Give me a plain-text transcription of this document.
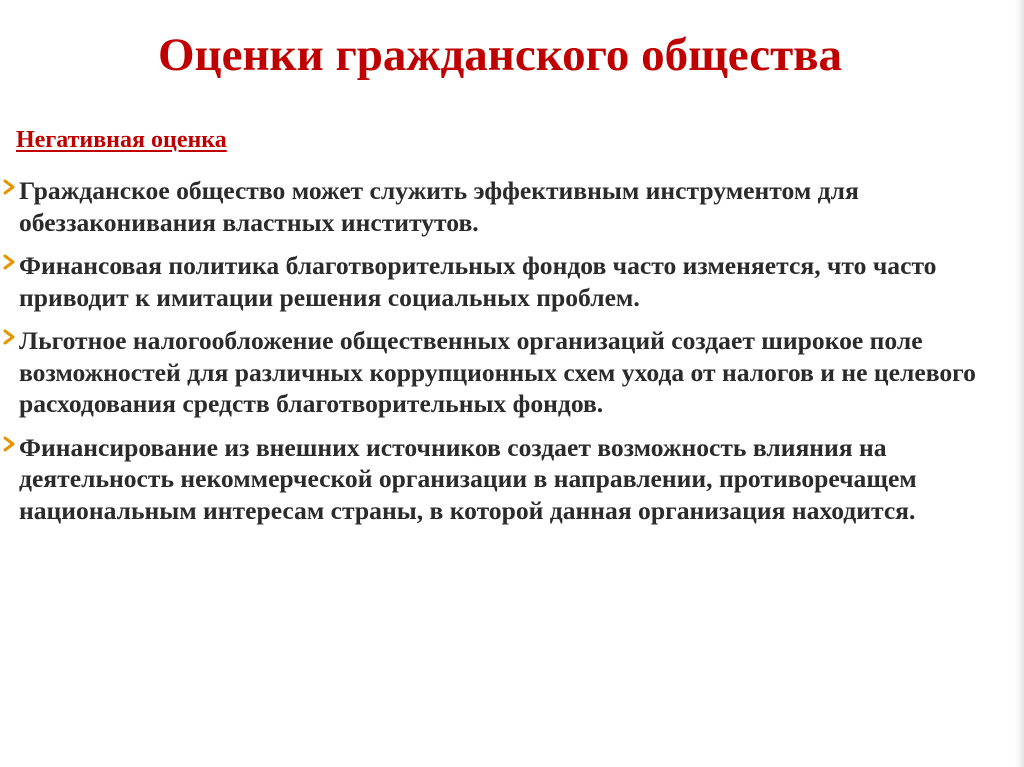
Оценки гражданского общества
Негативная оценка
Гражданское общество может служить эффективным инструментом для обеззаконивания властных институтов.
Финансовая политика благотворительных фондов часто изменяется, что часто приводит к имитации решения социальных проблем.
Льготное налогообложение общественных организаций создает широкое поле возможностей для различных коррупционных схем ухода от налогов и не целевого расходования средств благотворительных фондов.
Финансирование из внешних источников создает возможность влияния на деятельность некоммерческой организации в направлении, противоречащем национальным интересам страны, в которой данная организация находится.
